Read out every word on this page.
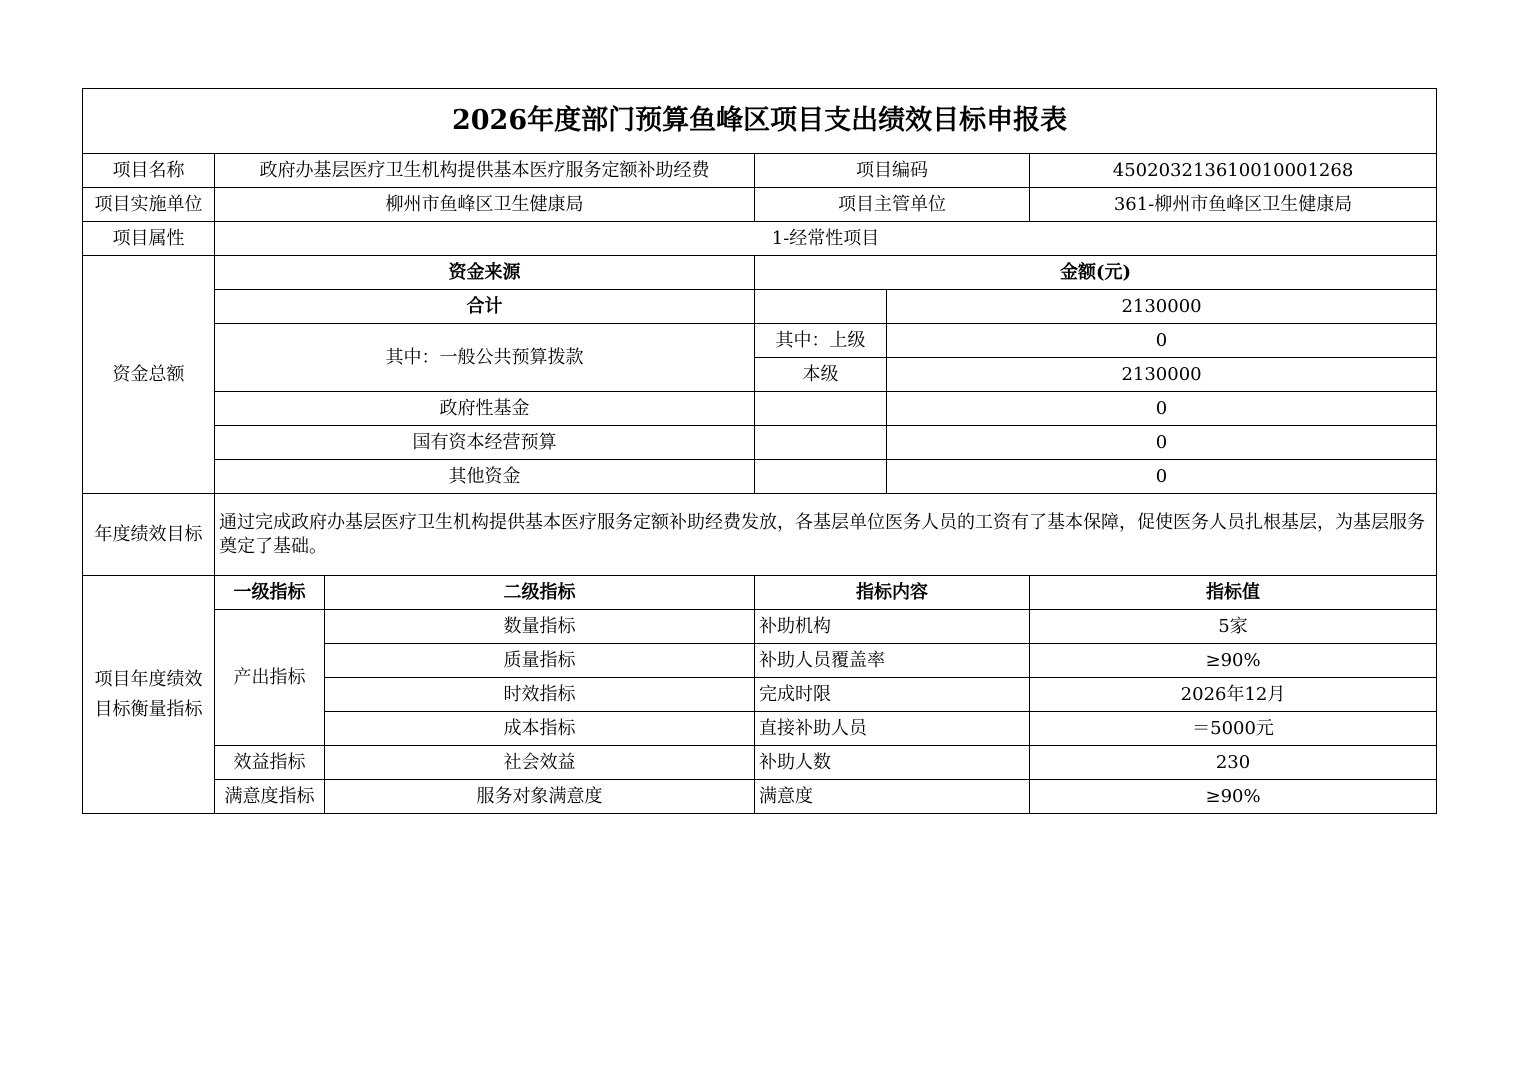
2026年度部门预算鱼峰区项目支出绩效目标申报表					
项目名称	政府办基层医疗卫生机构提供基本医疗服务定额补助经费		项目编码		450203213610010001268
项目实施单位	柳州市鱼峰区卫生健康局		项目主管单位		361-柳州市鱼峰区卫生健康局
项目属性	1-经常性项目				
资金总额	资金来源		金额(元)		
	合计			2130000	
	其中：一般公共预算拨款		其中：上级	0	
			本级	2130000	
	政府性基金			0	
	国有资本经营预算			0	
	其他资金			0	
年度绩效目标	通过完成政府办基层医疗卫生机构提供基本医疗服务定额补助经费发放，各基层单位医务人员的工资有了基本保障，促使医务人员扎根基层，为基层服务奠定了基础。				
项目年度绩效目标衡量指标	一级指标	二级指标	指标内容		指标值
	产出指标	数量指标	补助机构		5家
		质量指标	补助人员覆盖率		≥90%
		时效指标	完成时限		2026年12月
		成本指标	直接补助人员		＝5000元
	效益指标	社会效益	补助人数		230
	满意度指标	服务对象满意度	满意度		≥90%
